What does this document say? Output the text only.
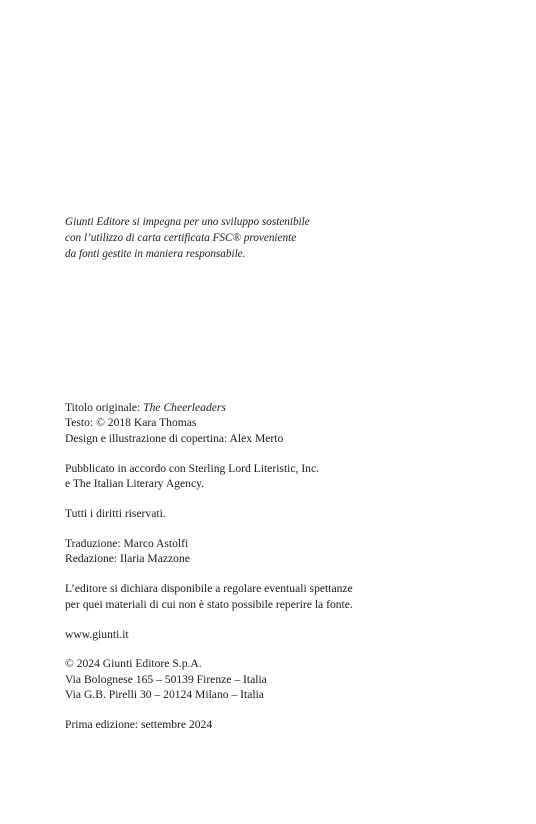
Giunti Editore si impegna per uno sviluppo sostenibile
con l’utilizzo di carta certificata FSC® proveniente
da fonti gestite in maniera responsabile.
Titolo originale: The Cheerleaders
Testo: © 2018 Kara Thomas
Design e illustrazione di copertina: Alex Merto
Pubblicato in accordo con Sterling Lord Literistic, Inc.
e The Italian Literary Agency.
Tutti i diritti riservati.
Traduzione: Marco Astolfi
Redazione: Ilaria Mazzone
L’editore si dichiara disponibile a regolare eventuali spettanze
per quei materiali di cui non è stato possibile reperire la fonte.
www.giunti.it
© 2024 Giunti Editore S.p.A.
Via Bolognese 165 – 50139 Firenze – Italia
Via G.B. Pirelli 30 – 20124 Milano – Italia
Prima edizione: settembre 2024
